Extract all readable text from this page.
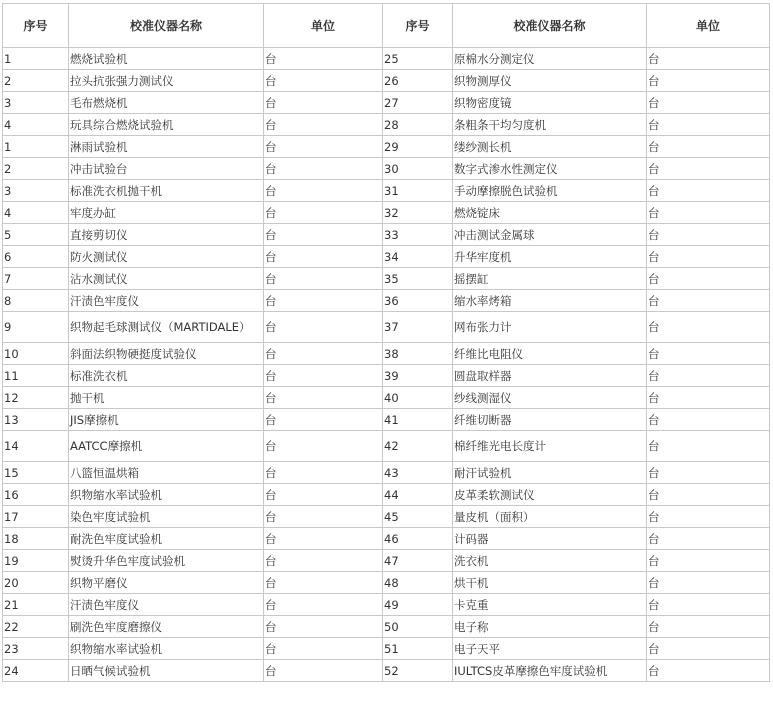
序号	校准仪器名称	单位	序号	校准仪器名称	单位
1	燃烧试验机	台	25	原棉水分测定仪	台
2	拉头抗张强力测试仪	台	26	织物测厚仪	台
3	毛布燃烧机	台	27	织物密度镜	台
4	玩具综合燃烧试验机	台	28	条粗条干均匀度机	台
1	淋雨试验机	台	29	缕纱测长机	台
2	冲击试验台	台	30	数字式渗水性测定仪	台
3	标准洗衣机抛干机	台	31	手动摩擦脱色试验机	台
4	牢度办缸	台	32	燃烧锭床	台
5	直接剪切仪	台	33	冲击测试金属球	台
6	防火测试仪	台	34	升华牢度机	台
7	沾水测试仪	台	35	摇摆缸	台
8	汗渍色牢度仪	台	36	缩水率烤箱	台
9	织物起毛球测试仪（MARTIDALE）	台	37	网布张力计	台
10	斜面法织物硬挺度试验仪	台	38	纤维比电阻仪	台
11	标准洗衣机	台	39	圆盘取样器	台
12	抛干机	台	40	纱线测湿仪	台
13	JIS摩擦机	台	41	纤维切断器	台
14	AATCC摩擦机	台	42	棉纤维光电长度计	台
15	八篮恒温烘箱	台	43	耐汗试验机	台
16	织物缩水率试验机	台	44	皮革柔软测试仪	台
17	染色牢度试验机	台	45	量皮机（面积）	台
18	耐洗色牢度试验机	台	46	计码器	台
19	熨烫升华色牢度试验机	台	47	洗衣机	台
20	织物平磨仪	台	48	烘干机	台
21	汗渍色牢度仪	台	49	卡克重	台
22	刷洗色牢度磨擦仪	台	50	电子称	台
23	织物缩水率试验机	台	51	电子天平	台
24	日晒气候试验机	台	52	IULTCS皮革摩擦色牢度试验机	台
